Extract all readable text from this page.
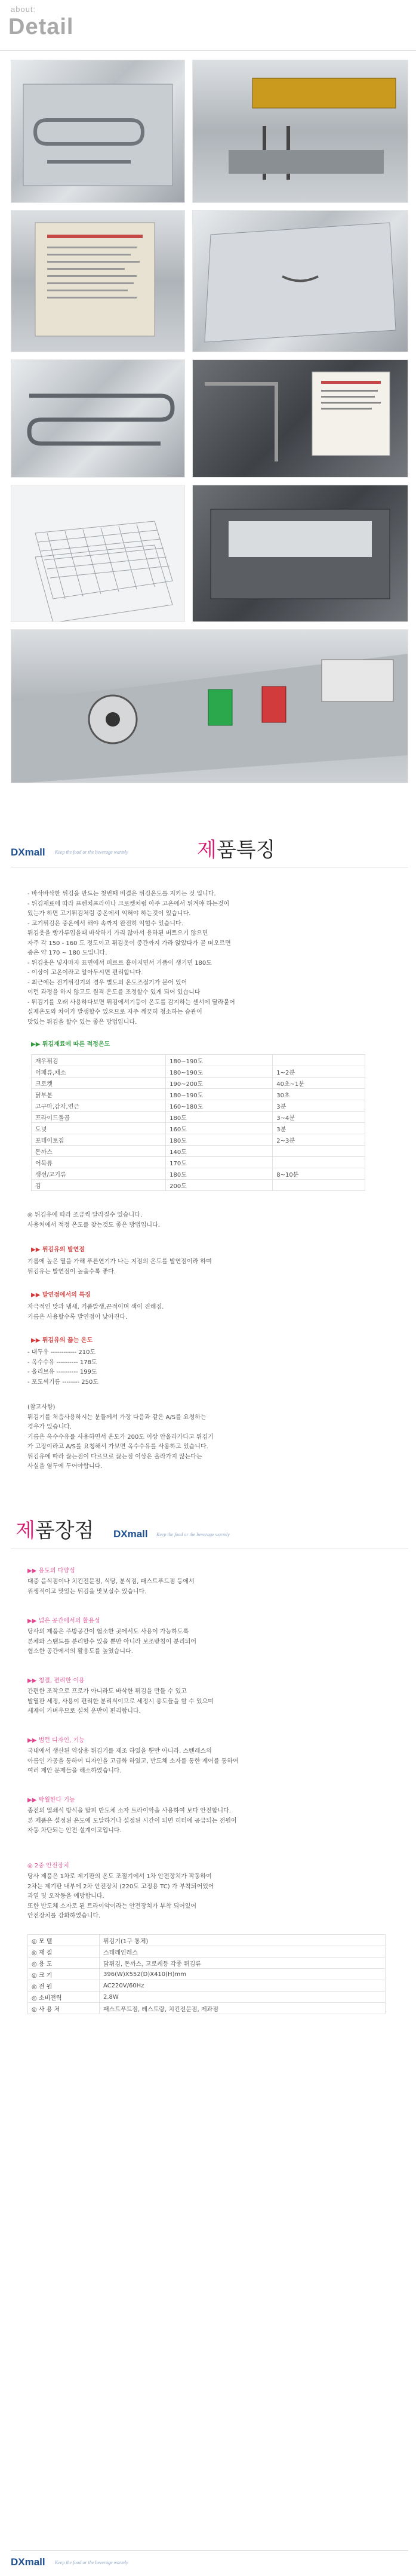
about:
Detail
DXmall Keep the food or the beverage warmly	제품특징

- 바삭바삭한 튀김을 만드는 첫번째 비결은 튀김온도를 지키는 것 입니다.

- 튀김재료에 따라 프렌치프라이나 크로켓처럼 아주 고온에서 튀겨야 하는것이

있는가 하면 고기튀김처럼 중온에서 익혀야 하는것이 있습니다.

- 고기튀김은 중온에서 해야 속까지 완전히 익힐수 있습니다.

튀김옷을 빵가루입을때 바삭하기 가리 않아서 용하된 버트으기 않으면

자주 각 150 - 160 도 정도이고 튀김옷이 중간까지 가라 앉았다가 곧 떠오르면

중온 약 170 ~ 180 도입니다.

- 튀김옷은 넣자마자 표면에서 퍼르르 흩어지면서 거품이 생기면 180도

- 이상이 고온이라고 알아두시면 편리합니다.

- 최근에는 전기튀김기의 경우 별도의 온도조절기가 붙어 있어

이런 과정을 하지 않고도 원격 온도를 조정할수 있게 되어 있습니다

- 튀김기를 오래 사용하다보면 튀김에서기등이 온도를 감지하는 센서에 달라붙어

실제온도와 차이가 발생할수 있으므로 자주 깨끗히 청소하는 습관이

맛있는 튀김을 할수 있는 좋은 방법입니다.

▶▶ 튀김재료에 따른 적정온도
재우튀김	180~190도	
어패류,채소	180~190도	1~2분
크로켓	190~200도	40초~1분
닭부분	180~190도	30초
고구마,감자,연근	160~180도	3분
프라이드돌곱	180도	3~4분
도넛	160도	3분
포테이토칩	180도	2~3분
돈까스	140도	
어묵류	170도	
생선/고기류	180도	8~10분
김	200도	

◎ 튀김유에 따라 조금씩 달라질수 있습니다.

사용처에서 적정 온도를 찾는것도 좋은 방법입니다.

▶▶ 튀김유의 발연점

기름에 높은 열을 가해 푸른연기가 나는 지점의 온도를 발연점이라 하며

튀김유는 발연점이 높을수록 좋다.

▶▶ 발연점에서의 특징

자극적인 맛과 냄새, 거품발생,끈적이며 색이 진해짐.

기름은 사용할수록 발연점이 낮아진다.

▶▶ 튀김유의 끓는 온도

- 대두유 ------------ 210도

- 옥수수유 ---------- 178도

- 올리브유 ---------- 199도

- 포도씨기름 -------- 250도

(참고사항)

튀김기를 처음사용하시는 분들께서 가장 다음과 같은 A/S를 요청하는

경우가 있습니다.

기름은 옥수수유를 사용하면서 온도가 200도 이상 안올라가다고 튀김기

가 고장이라고 A/S를 요청해서 가보면 옥수수유를 사용하고 있습니다.

튀김유에 따라 끓는점이 다르므로 끓는점 이상은 올라가지 않는다는

사실을 염두에 두어야합니다.

제품장점 DXmall Keep the food or the beverage warmly
▶▶ 용도의 다양성

대중 음식점이나 치킨전문점, 식당, 분식점, 패스트푸드점 등에서

위생적이고 맛있는 튀김을 맛보실수 있습니다.

▶▶ 넓은 공간에서의 활용성

당사의 제품은 주방공간이 협소한 곳에서도 사용이 가능하도록

본체와 스탠드를 분리할수 있을 뿐만 아니라 보조받침이 분리되어

협소한 공간에서의 활용도를 높였습니다.

▶▶ 청결, 편리한 이용

간편한 조작으로 프로가 아니라도 바삭한 튀김을 만들 수 있고

발열판 세정, 사용이 편리한 분리식이므로 세정시 용도들을 할 수 있으며

세제이 가벼우므로 설치 운반이 편리합니다.

▶▶ 범런 디자인, 기능

국내에서 생산된 약상용 튀김기를 제조 하였을 뿐만 아니라. 스텐레스의

아름인 가공을 통하여 디자인을 고급화 하였고, 반도체 소자를 통한 제어를 통하여

여러 제안 문제들을 해소하였습니다.

▶▶ 탁월한다 기능

종전의 열쇄식 방식을 탈피 반도체 소자 트라이악을 사용하여 보다 안전합니다.

본 제품은 설정된 온도에 도달하거나 설정된 시간이 되면 히터에 공급되는 전원이

자동 차단되는 안전 설계이고입니다.

◎ 2중 안전장치

당사 제품은 1차로 제기판의 온도 조절기에서 1차 안전장치가 작동하여

2차는 제기판 내부에 2차 안전장치 (220도 고정용 TC) 가 부착되어있어

과열 및 오작동을 예방합니다.

또한 반도체 소자로 된 트라이악이라는 안전장치가 부착 되어있어

안전장치를 강화하였습니다.

◎ 모 델	튀김기(1구 통체)
◎ 재 질	스테레인레스
◎ 용 도	닭튀김, 돈까스, 고로케등 각종 튀김류
◎ 크 기	396(W)X552(D)X410(H)mm
◎ 전 원	AC220V/60Hz
◎ 소비전력	2.8W
◎ 사 용 처	패스트푸드점, 레스토랑, 치킨전문점, 제과점
DXmall Keep the food or the beverage warmly
